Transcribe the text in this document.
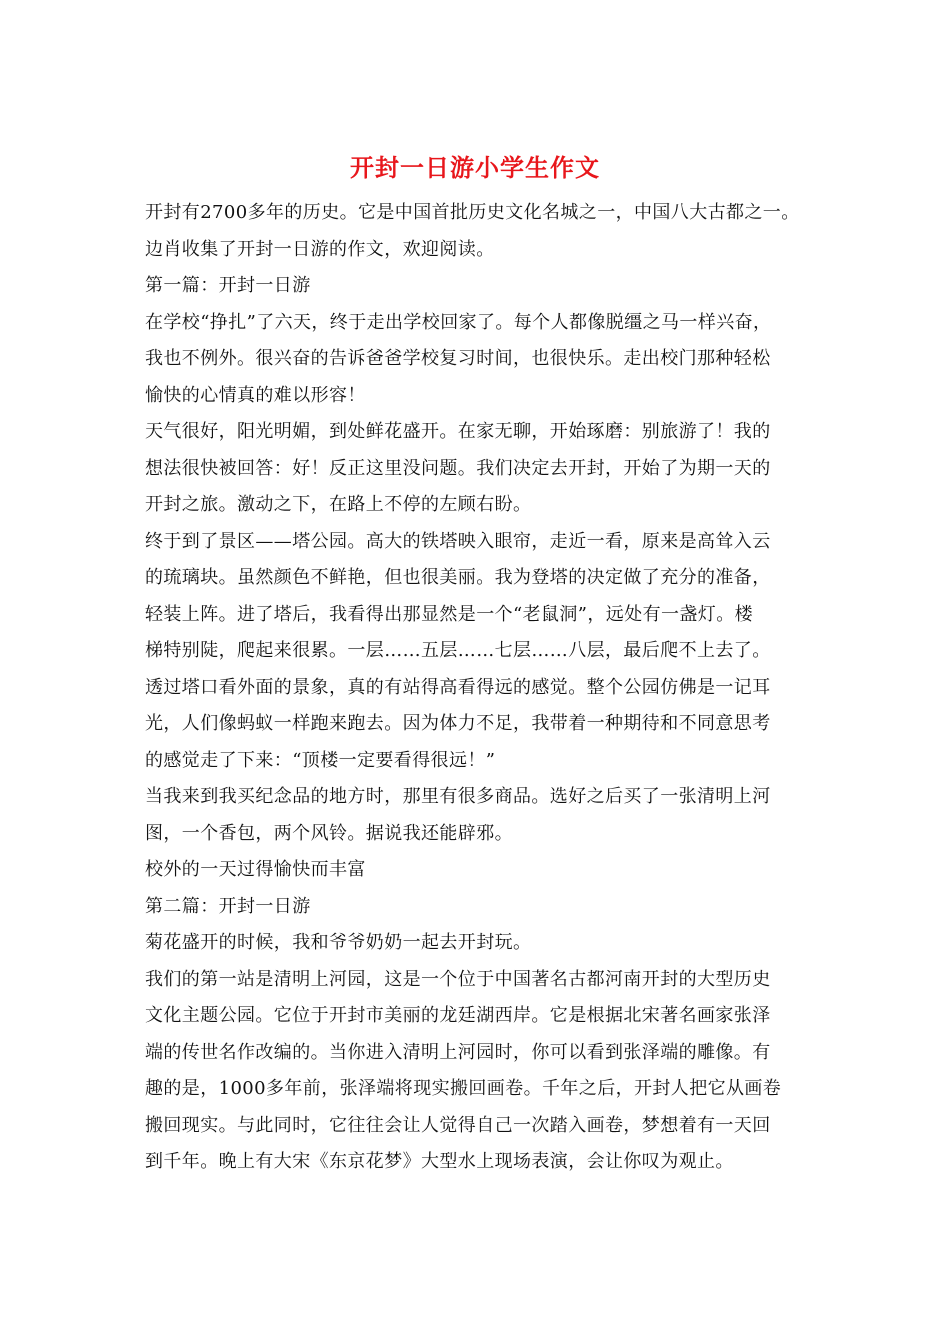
开封一日游小学生作文
开封有2700多年的历史。它是中国首批历史文化名城之一，中国八大古都之一。
边肖收集了开封一日游的作文，欢迎阅读。
第一篇：开封一日游
在学校“挣扎”了六天，终于走出学校回家了。每个人都像脱缰之马一样兴奋，
我也不例外。很兴奋的告诉爸爸学校复习时间，也很快乐。走出校门那种轻松
愉快的心情真的难以形容！
天气很好，阳光明媚，到处鲜花盛开。在家无聊，开始琢磨：别旅游了！我的
想法很快被回答：好！反正这里没问题。我们决定去开封，开始了为期一天的
开封之旅。激动之下，在路上不停的左顾右盼。
终于到了景区——塔公园。高大的铁塔映入眼帘，走近一看，原来是高耸入云
的琉璃块。虽然颜色不鲜艳，但也很美丽。我为登塔的决定做了充分的准备，
轻装上阵。进了塔后，我看得出那显然是一个“老鼠洞”，远处有一盏灯。楼
梯特别陡，爬起来很累。一层……五层……七层……八层，最后爬不上去了。
透过塔口看外面的景象，真的有站得高看得远的感觉。整个公园仿佛是一记耳
光，人们像蚂蚁一样跑来跑去。因为体力不足，我带着一种期待和不同意思考
的感觉走了下来：“顶楼一定要看得很远！”
当我来到我买纪念品的地方时，那里有很多商品。选好之后买了一张清明上河
图，一个香包，两个风铃。据说我还能辟邪。
校外的一天过得愉快而丰富
第二篇：开封一日游
菊花盛开的时候，我和爷爷奶奶一起去开封玩。
我们的第一站是清明上河园，这是一个位于中国著名古都河南开封的大型历史
文化主题公园。它位于开封市美丽的龙廷湖西岸。它是根据北宋著名画家张泽
端的传世名作改编的。当你进入清明上河园时，你可以看到张泽端的雕像。有
趣的是，1000多年前，张泽端将现实搬回画卷。千年之后，开封人把它从画卷
搬回现实。与此同时，它往往会让人觉得自己一次踏入画卷，梦想着有一天回
到千年。晚上有大宋《东京花梦》大型水上现场表演，会让你叹为观止。
